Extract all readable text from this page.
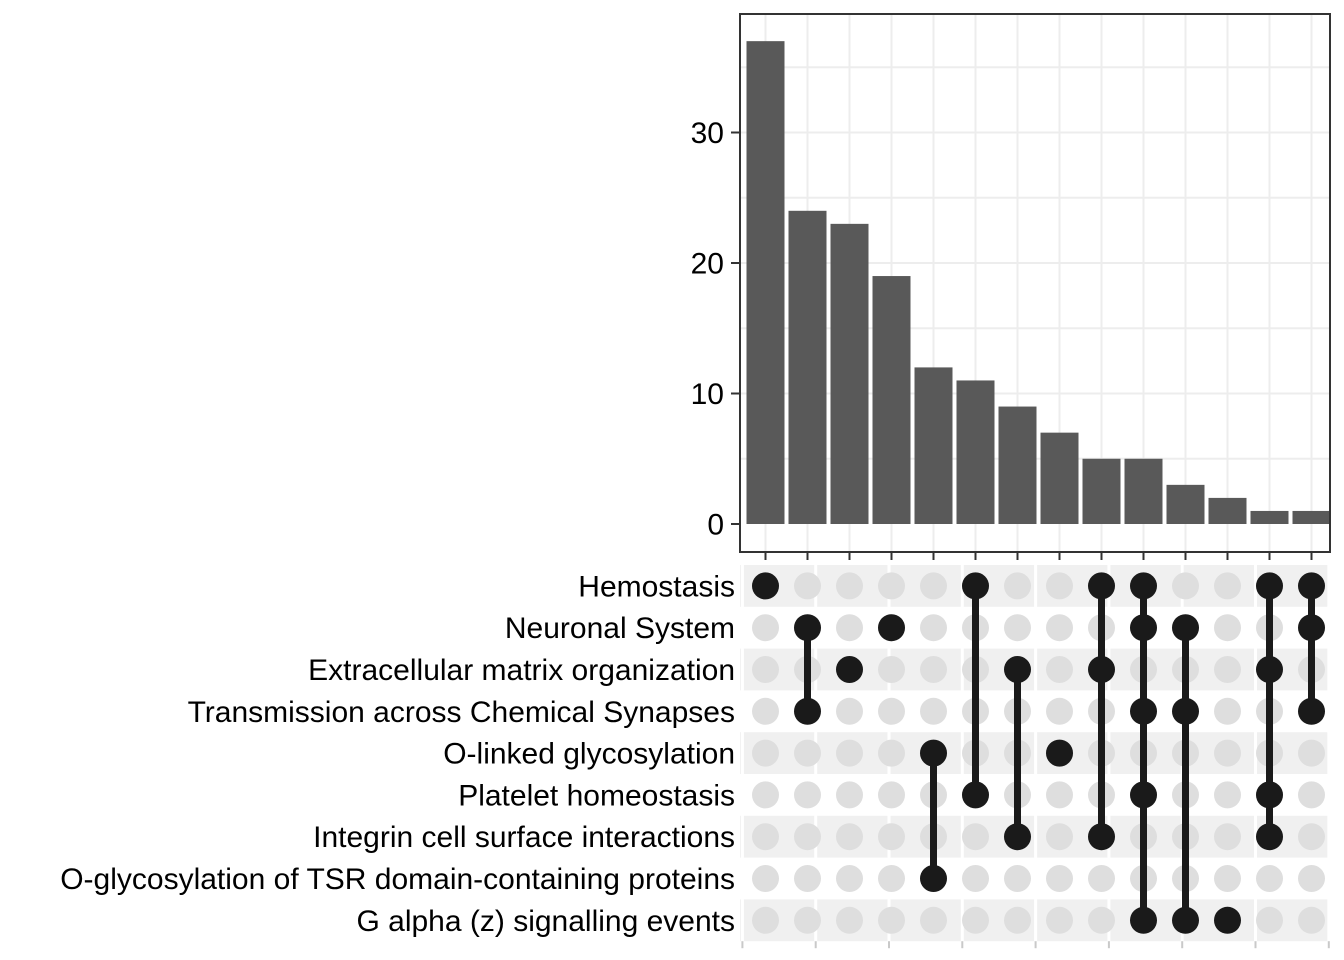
0
10
20
30
Hemostasis
Neuronal System
Extracellular matrix organization
Transmission across Chemical Synapses
O-linked glycosylation
Platelet homeostasis
Integrin cell surface interactions
O-glycosylation of TSR domain-containing proteins
G alpha (z) signalling events
